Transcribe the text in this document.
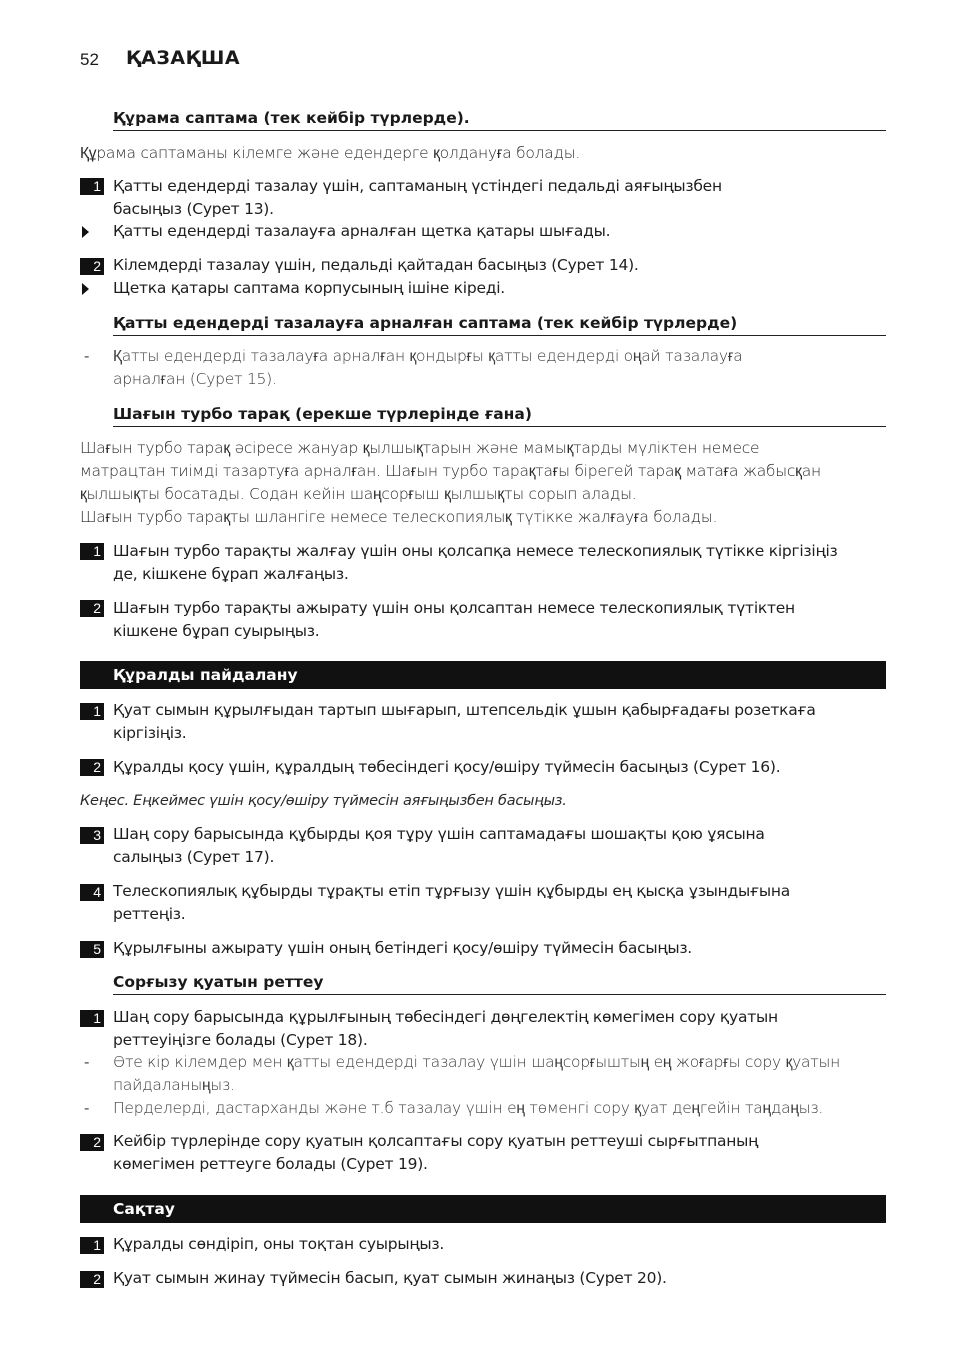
52 ҚАЗАҚША
Құрама саптама (тек кейбір түрлерде).
Құрама саптаманы кілемге және едендерге қолдануға болады.
1 Қатты едендерді тазалау үшін, саптаманың үстіндегі педальді аяғыңызбен
басыңыз (Сурет 13).
Қатты едендерді тазалауға арналған щетка қатары шығады.
2 Кілемдерді тазалау үшін, педальді қайтадан басыңыз (Сурет 14).
Щетка қатары саптама корпусының ішіне кіреді.
Қатты едендерді тазалауға арналған саптама (тек кейбір түрлерде)
- Қатты едендерді тазалауға арналған қондырғы қатты едендерді оңай тазалауға
арналған (Сурет 15).
Шағын турбо тарақ (ерекше түрлерінде ғана)
Шағын турбо тарақ әсіресе жануар қылшықтарын және мамықтарды мүліктен немесе
матрацтан тиімді тазартуға арналған. Шағын турбо тарақтағы бірегей тарақ матаға жабысқан
қылшықты босатады. Содан кейін шаңсорғыш қылшықты сорып алады.
Шағын турбо тарақты шлангіге немесе телескопиялық түтікке жалғауға болады.
1 Шағын турбо тарақты жалғау үшін оны қолсапқа немесе телескопиялық түтікке кіргізіңіз
де, кішкене бұрап жалғаңыз.
2 Шағын турбо тарақты ажырату үшін оны қолсаптан немесе телескопиялық түтіктен
кішкене бұрап суырыңыз.
Құралды пайдалану
1 Қуат сымын құрылғыдан тартып шығарып, штепсельдік ұшын қабырғадағы розеткаға
кіргізіңіз.
2 Құралды қосу үшін, құралдың төбесіндегі қосу/өшіру түймесін басыңыз (Сурет 16).
Кеңес. Еңкеймес үшін қосу/өшіру түймесін аяғыңызбен басыңыз.
3 Шаң сору барысында құбырды қоя тұру үшін саптамадағы шошақты қою ұясына
салыңыз (Сурет 17).
4 Телескопиялық құбырды тұрақты етіп тұрғызу үшін құбырды ең қысқа ұзындығына
реттеңіз.
5 Құрылғыны ажырату үшін оның бетіндегі қосу/өшіру түймесін басыңыз.
Сорғызу қуатын реттеу
1 Шаң сору барысында құрылғының төбесіндегі дөңгелектің көмегімен сору қуатын
реттеуіңізге болады (Сурет 18).
- Өте кір кілемдер мен қатты едендерді тазалау үшін шаңсорғыштың ең жоғарғы сору қуатын
пайдаланыңыз.
- Перделерді, дастарханды және т.б тазалау үшін ең төменгі сору қуат деңгейін таңдаңыз.
2 Кейбір түрлерінде сору қуатын қолсаптағы сору қуатын реттеуші сырғытпаның
көмегімен реттеуге болады (Сурет 19).
Сақтау
1 Құралды сөндіріп, оны тоқтан суырыңыз.
2 Қуат сымын жинау түймесін басып, қуат сымын жинаңыз (Сурет 20).
